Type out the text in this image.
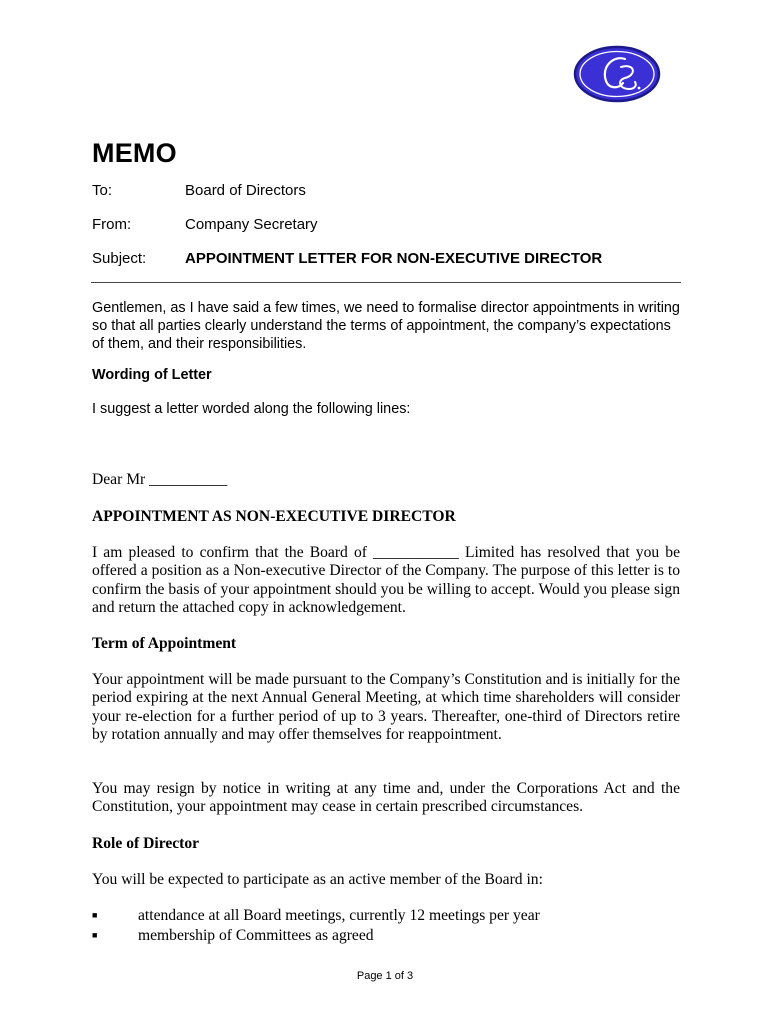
MEMO
To:	Board of Directors
From:	Company Secretary
Subject:	APPOINTMENT LETTER FOR NON-EXECUTIVE DIRECTOR
Gentlemen, as I have said a few times, we need to formalise director appointments in writing so that all parties clearly understand the terms of appointment, the company’s expectations of them, and their responsibilities.
Wording of Letter
I suggest a letter worded along the following lines:
Dear Mr __________
APPOINTMENT AS NON-EXECUTIVE DIRECTOR
I am pleased to confirm that the Board of ___________ Limited has resolved that you be offered a position as a Non-executive Director of the Company. The purpose of this letter is to confirm the basis of your appointment should you be willing to accept. Would you please sign and return the attached copy in acknowledgement.
Term of Appointment
Your appointment will be made pursuant to the Company’s Constitution and is initially for the period expiring at the next Annual General Meeting, at which time shareholders will consider your re-election for a further period of up to 3 years. Thereafter, one-third of Directors retire by rotation annually and may offer themselves for reappointment.
You may resign by notice in writing at any time and, under the Corporations Act and the Constitution, your appointment may cease in certain prescribed circumstances.
Role of Director
You will be expected to participate as an active member of the Board in:
■	attendance at all Board meetings, currently 12 meetings per year
■	membership of Committees as agreed
Page 1 of 3
